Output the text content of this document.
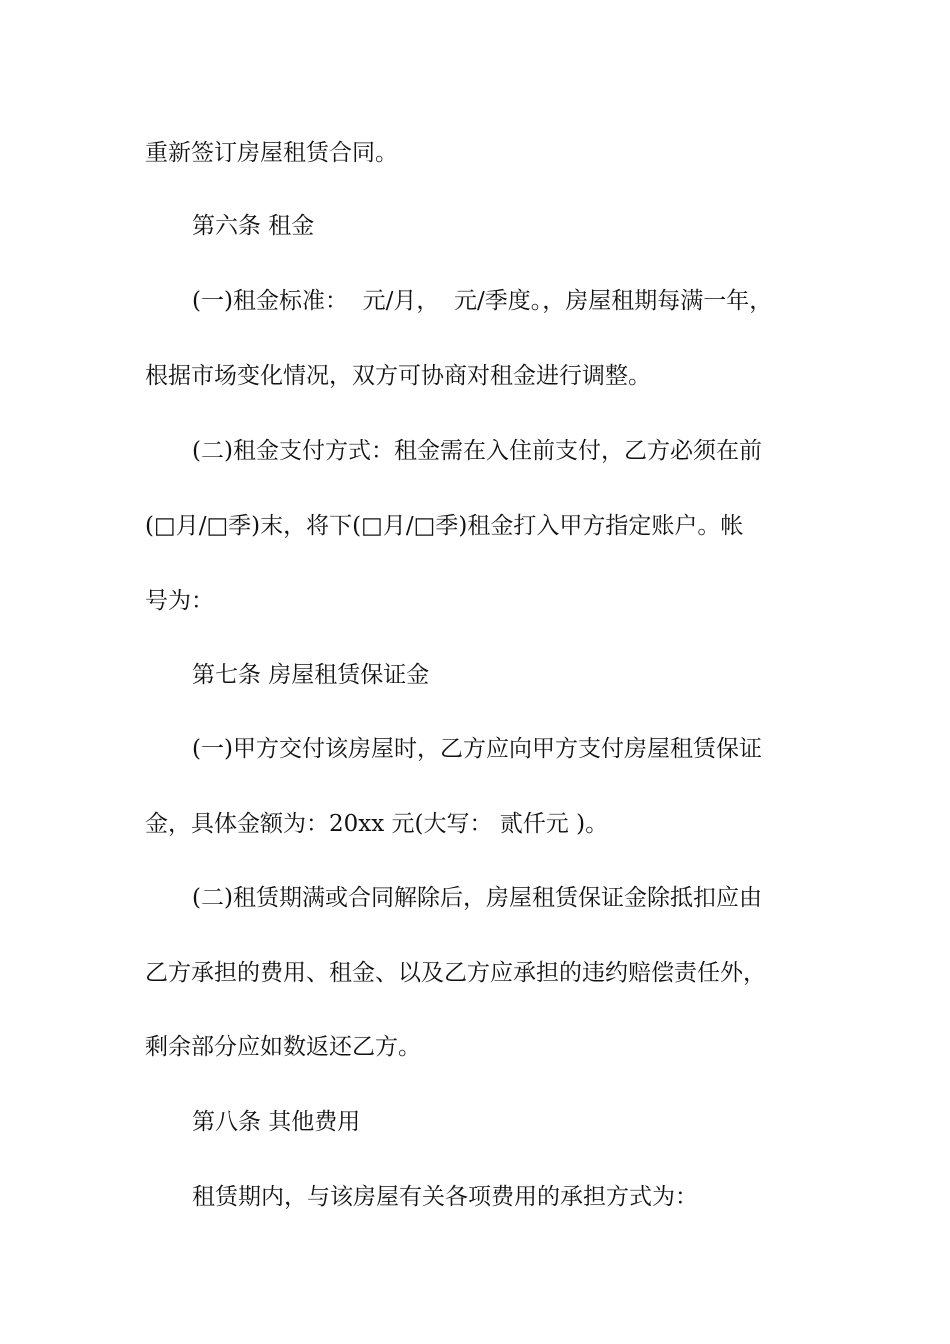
重新签订房屋租赁合同。
第六条 租金
(一)租金标准：  元/月，  元/季度。，房屋租期每满一年，
根据市场变化情况，双方可协商对租金进行调整。
(二)租金支付方式：租金需在入住前支付，乙方必须在前
(□月/□季)末，将下(□月/□季)租金打入甲方指定账户。帐
号为：
第七条 房屋租赁保证金
(一)甲方交付该房屋时，乙方应向甲方支付房屋租赁保证
金，具体金额为：20xx 元(大写： 贰仟元 )。
(二)租赁期满或合同解除后，房屋租赁保证金除抵扣应由
乙方承担的费用、租金、以及乙方应承担的违约赔偿责任外，
剩余部分应如数返还乙方。
第八条 其他费用
租赁期内，与该房屋有关各项费用的承担方式为：
